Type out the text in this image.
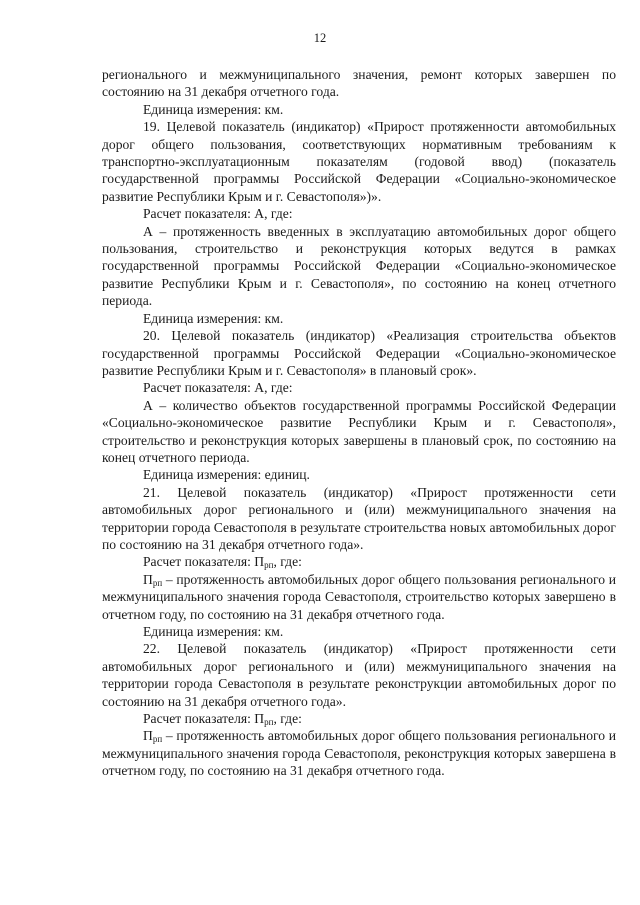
12

регионального и межмуниципального значения, ремонт которых завершен по состоянию на 31 декабря отчетного года.

Единица измерения: км.

19. Целевой показатель (индикатор) «Прирост протяженности автомобильных дорог общего пользования, соответствующих нормативным требованиям к транспортно-эксплуатационным показателям (годовой ввод) (показатель государственной программы Российской Федерации «Социально-экономическое развитие Республики Крым и г. Севастополя»)».

Расчет показателя: А, где:

А – протяженность введенных в эксплуатацию автомобильных дорог общего пользования, строительство и реконструкция которых ведутся в рамках государственной программы Российской Федерации «Социально-экономическое развитие Республики Крым и г. Севастополя», по состоянию на конец отчетного периода.

Единица измерения: км.

20. Целевой показатель (индикатор) «Реализация строительства объектов государственной программы Российской Федерации «Социально-экономическое развитие Республики Крым и г. Севастополя» в плановый срок».

Расчет показателя: А, где:

А – количество объектов государственной программы Российской Федерации «Социально-экономическое развитие Республики Крым и г. Севастополя», строительство и реконструкция которых завершены в плановый срок, по состоянию на конец отчетного периода.

Единица измерения: единиц.

21. Целевой показатель (индикатор) «Прирост протяженности сети автомобильных дорог регионального и (или) межмуниципального значения на территории города Севастополя в результате строительства новых автомобильных дорог по состоянию на 31 декабря отчетного года».

Расчет показателя: $П_{рп}$, где:

$П_{рп}$ – протяженность автомобильных дорог общего пользования регионального и межмуниципального значения города Севастополя, строительство которых завершено в отчетном году, по состоянию на 31 декабря отчетного года.

Единица измерения: км.

22. Целевой показатель (индикатор) «Прирост протяженности сети автомобильных дорог регионального и (или) межмуниципального значения на территории города Севастополя в результате реконструкции автомобильных дорог по состоянию на 31 декабря отчетного года».

Расчет показателя: $П_{рп}$, где:

$П_{рп}$ – протяженность автомобильных дорог общего пользования регионального и межмуниципального значения города Севастополя, реконструкция которых завершена в отчетном году, по состоянию на 31 декабря отчетного года.
